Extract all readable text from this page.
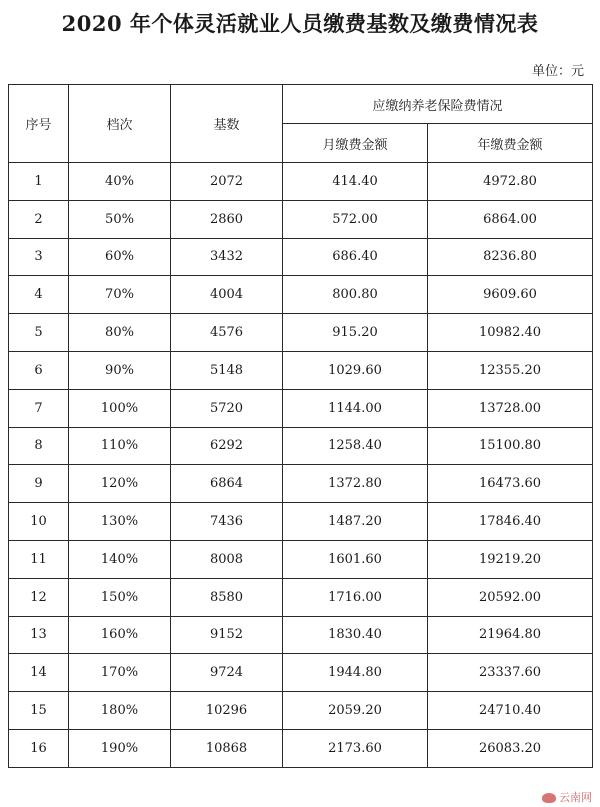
2020 年个体灵活就业人员缴费基数及缴费情况表
单位：元
序号	档次	基数	应缴纳养老保险费情况	
			月缴费金额	年缴费金额
1	40%	2072	414.40	4972.80
2	50%	2860	572.00	6864.00
3	60%	3432	686.40	8236.80
4	70%	4004	800.80	9609.60
5	80%	4576	915.20	10982.40
6	90%	5148	1029.60	12355.20
7	100%	5720	1144.00	13728.00
8	110%	6292	1258.40	15100.80
9	120%	6864	1372.80	16473.60
10	130%	7436	1487.20	17846.40
11	140%	8008	1601.60	19219.20
12	150%	8580	1716.00	20592.00
13	160%	9152	1830.40	21964.80
14	170%	9724	1944.80	23337.60
15	180%	10296	2059.20	24710.40
16	190%	10868	2173.60	26083.20
云南网
